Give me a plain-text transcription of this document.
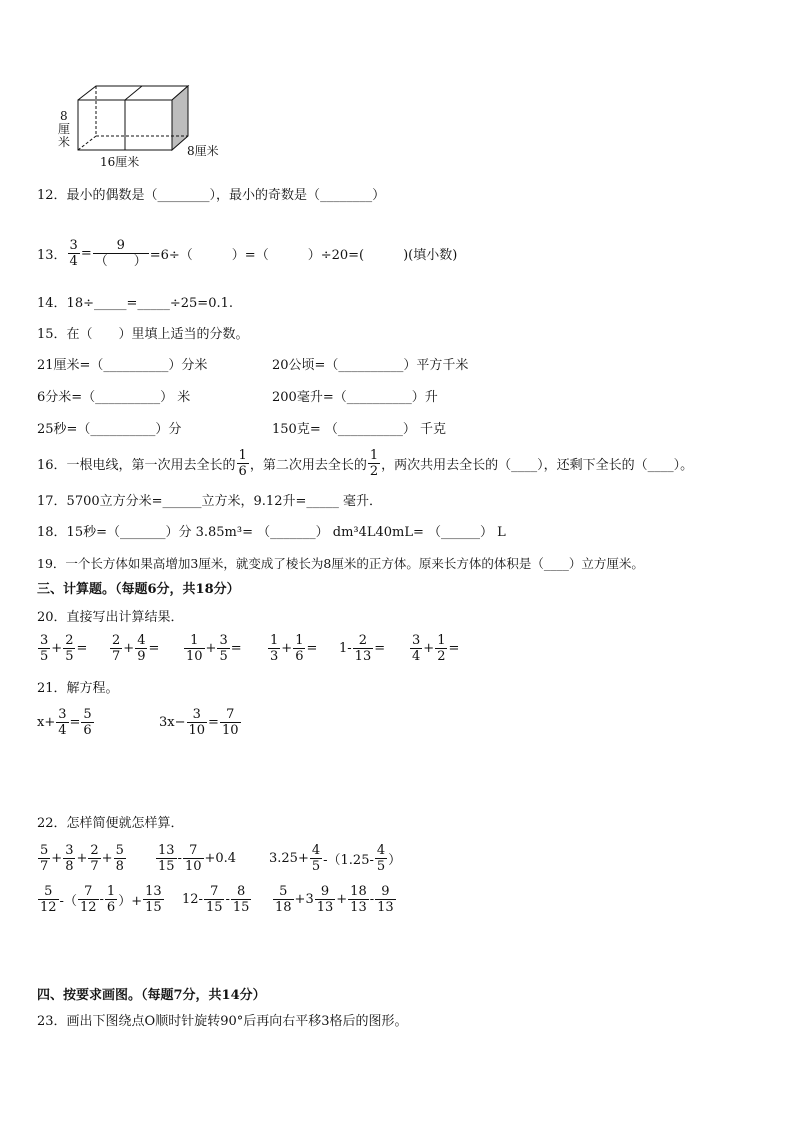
8
厘
米
16厘米
8厘米
12．最小的偶数是（________），最小的奇数是（________）
13． $\frac{3}{4} = \frac{9}{( )} =6\div$（　　　）=（　　　）÷20=(　　　)(填小数)
14．18÷_____=_____÷25=0.1.
15．在（　　）里填上适当的分数。
21厘米=（__________）分米	20公顷=（__________）平方千米
6分米=（__________） 米	200毫升=（__________）升
25秒=（__________）分	150克= （__________） 千克
16．一根电线，第一次用去全长的 $\frac{1}{6}$ ，第二次用去全长的 $\frac{1}{2}$ ，两次共用去全长的（____），还剩下全长的（____）。
17．5700立方分米=______立方米，9.12升=_____ 毫升．
18．15秒=（_______）分 3.85m³= （_______） dm³4L40mL= （______） L
19．一个长方体如果高增加3厘米，就变成了棱长为8厘米的正方体。原来长方体的体积是（____）立方厘米。
三、计算题。（每题6分，共18分）
20．直接写出计算结果．
$\frac{3}{5} + \frac{2}{5} = \frac{2}{7} + \frac{4}{9} = \frac{1}{10} + \frac{3}{5} = \frac{1}{3} + \frac{1}{6} = 1- \frac{2}{13} = \frac{3}{4} + \frac{1}{2}$ =
21．解方程。
$x+ \frac{3}{4} = \frac{5}{6}$	$3x- \frac{3}{10} = \frac{7}{10}$
22．怎样简便就怎样算．
$\frac{5}{7} + \frac{3}{8} + \frac{2}{7} + \frac{5}{8} \frac{13}{15} - \frac{7}{10} +0.4$	$3.25+ \frac{4}{5} -(1.25- \frac{4}{5}$ ）
$\frac{5}{12}$ -（ $\frac{7}{12} - \frac{1}{6}$ ）+ $\frac{13}{15} 12- \frac{7}{15} - \frac{8}{15} \frac{5}{18} +3 \frac{9}{13} + \frac{18}{13} - \frac{9}{13}$
四、按要求画图。（每题7分，共14分）
23．画出下图绕点O顺时针旋转90°后再向右平移3格后的图形。
